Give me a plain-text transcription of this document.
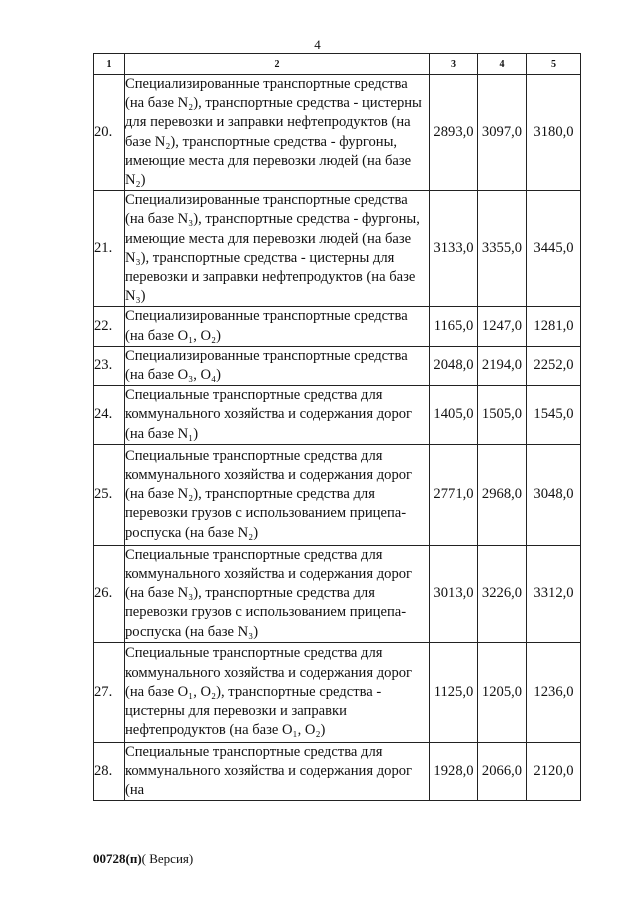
4
1	2	3	4	5
20.	Специализированные транспортные средства (на базе N₂), транспортные средства - цистерны для перевозки и заправки нефтепродуктов (на базе N₂), транспортные средства - фургоны, имеющие места для перевозки людей (на базе N₂)	2893,0	3097,0	3180,0
21.	Специализированные транспортные средства (на базе N₃), транспортные средства - фургоны, имеющие места для перевозки людей (на базе N₃), транспортные средства - цистерны для перевозки и заправки нефтепродуктов (на базе N₃)	3133,0	3355,0	3445,0
22.	Специализированные транспортные средства (на базе O₁, O₂)	1165,0	1247,0	1281,0
23.	Специализированные транспортные средства (на базе O₃, O₄)	2048,0	2194,0	2252,0
24.	Специальные транспортные средства для коммунального хозяйства и содержания дорог (на базе N₁)	1405,0	1505,0	1545,0
25.	Специальные транспортные средства для коммунального хозяйства и содержания дорог (на базе N₂), транспортные средства для перевозки грузов с использованием прицепа-роспуска (на базе N₂)	2771,0	2968,0	3048,0
26.	Специальные транспортные средства для коммунального хозяйства и содержания дорог (на базе N₃), транспортные средства для перевозки грузов с использованием прицепа-роспуска (на базе N₃)	3013,0	3226,0	3312,0
27.	Специальные транспортные средства для коммунального хозяйства и содержания дорог (на базе O₁, O₂), транспортные средства - цистерны для перевозки и заправки нефтепродуктов (на базе O₁, O₂)	1125,0	1205,0	1236,0
28.	Специальные транспортные средства для коммунального хозяйства и содержания дорог (на	1928,0	2066,0	2120,0
00728(п)( Версия)
